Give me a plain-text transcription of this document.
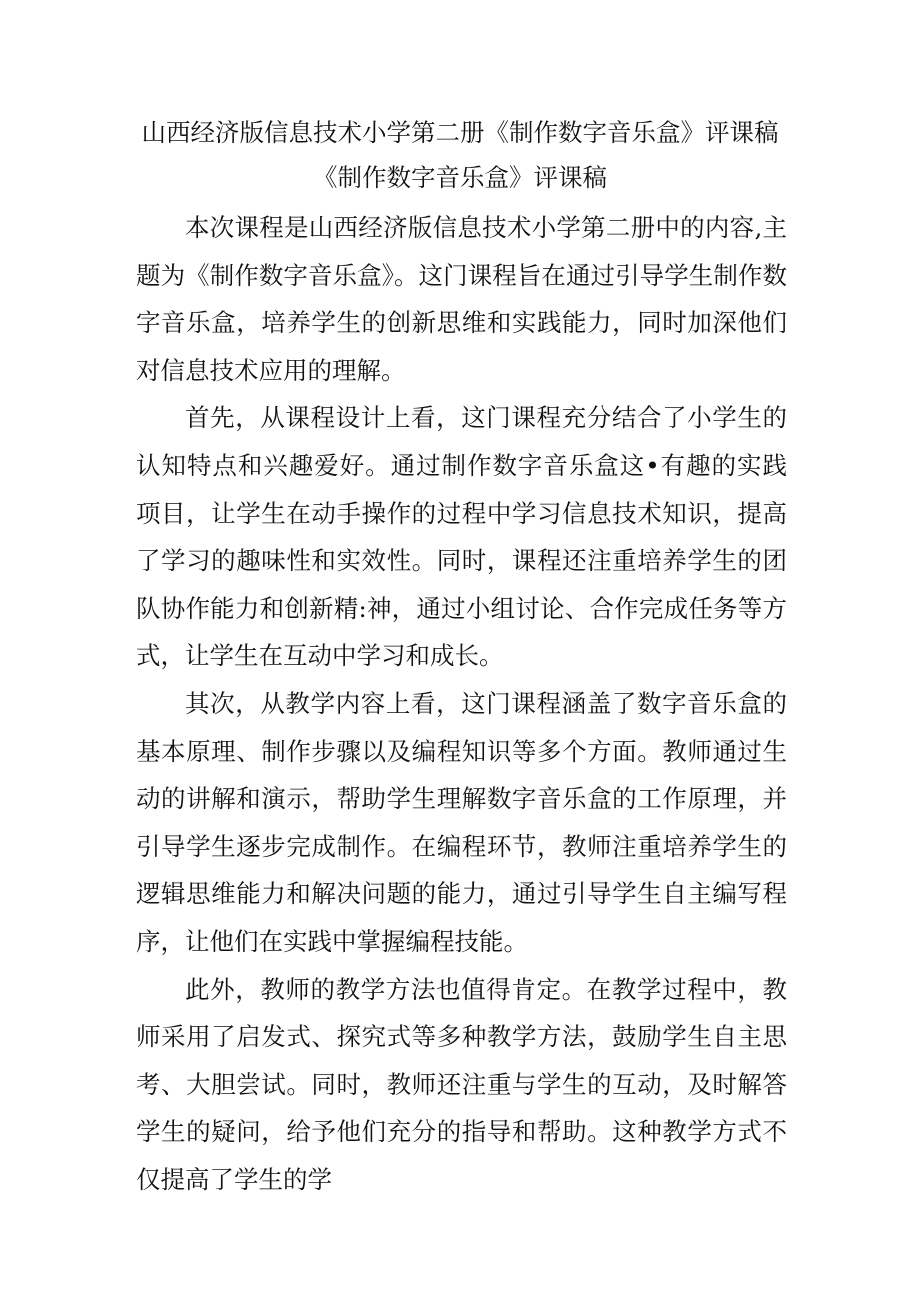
山西经济版信息技术小学第二册《制作数字音乐盒》评课稿《制作数字音乐盒》评课稿

本次课程是山西经济版信息技术小学第二册中的内容,主题为《制作数字音乐盒》。这门课程旨在通过引导学生制作数字音乐盒，培养学生的创新思维和实践能力，同时加深他们对信息技术应用的理解。

首先，从课程设计上看，这门课程充分结合了小学生的认知特点和兴趣爱好。通过制作数字音乐盒这•有趣的实践项目，让学生在动手操作的过程中学习信息技术知识，提高了学习的趣味性和实效性。同时，课程还注重培养学生的团队协作能力和创新精:神，通过小组讨论、合作完成任务等方式，让学生在互动中学习和成长。

其次，从教学内容上看，这门课程涵盖了数字音乐盒的基本原理、制作步骤以及编程知识等多个方面。教师通过生动的讲解和演示，帮助学生理解数字音乐盒的工作原理，并引导学生逐步完成制作。在编程环节，教师注重培养学生的逻辑思维能力和解决问题的能力，通过引导学生自主编写程序，让他们在实践中掌握编程技能。

此外，教师的教学方法也值得肯定。在教学过程中，教师采用了启发式、探究式等多种教学方法，鼓励学生自主思考、大胆尝试。同时，教师还注重与学生的互动，及时解答学生的疑问，给予他们充分的指导和帮助。这种教学方式不仅提高了学生的学
